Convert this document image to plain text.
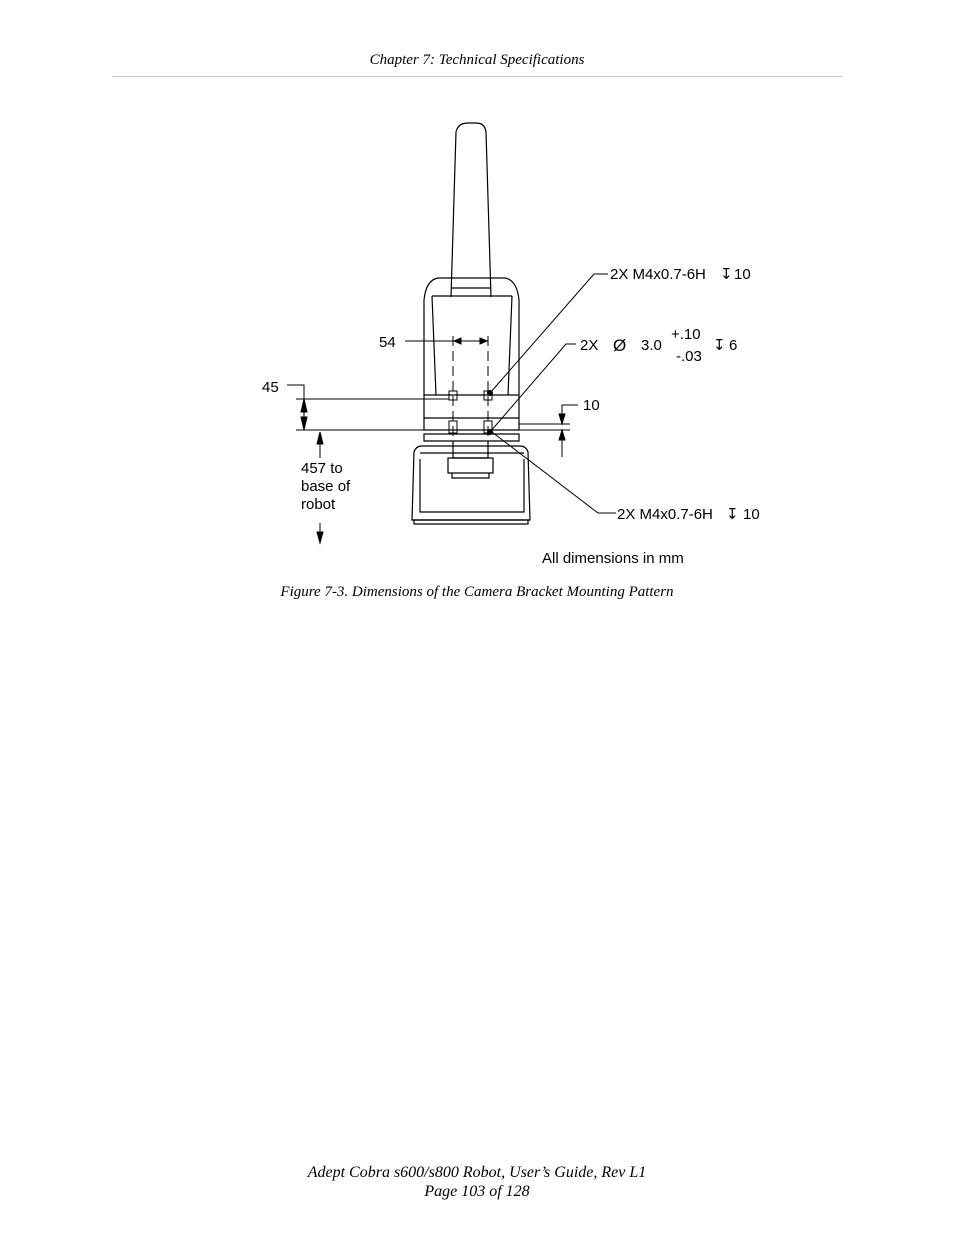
Chapter 7: Technical Specifications
2X M4x0.7-6H ↧ 10
2X Ø 3.0
+.10
-.03
↧ 6
2X M4x0.7-6H ↧ 10
54
45
10
457 to
base of
robot
All dimensions in mm
Figure 7-3. Dimensions of the Camera Bracket Mounting Pattern
Adept Cobra s600/s800 Robot, User’s Guide, Rev L1
Page 103 of 128
